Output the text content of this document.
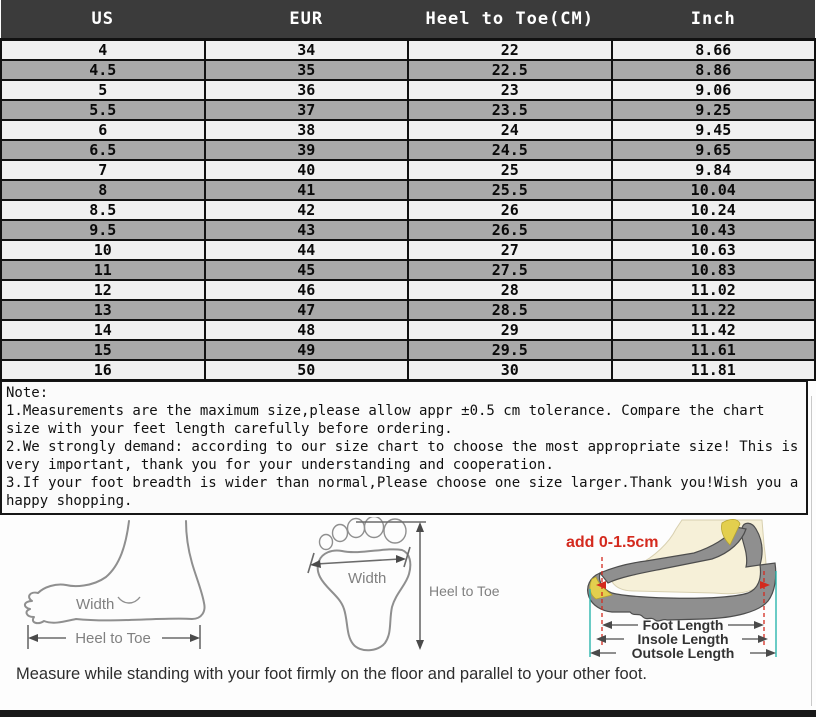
US	EUR	Heel to Toe(CM)	Inch
4	34	22	8.66
4.5	35	22.5	8.86
5	36	23	9.06
5.5	37	23.5	9.25
6	38	24	9.45
6.5	39	24.5	9.65
7	40	25	9.84
8	41	25.5	10.04
8.5	42	26	10.24
9.5	43	26.5	10.43
10	44	27	10.63
11	45	27.5	10.83
12	46	28	11.02
13	47	28.5	11.22
14	48	29	11.42
15	49	29.5	11.61
16	50	30	11.81

Note:

1.Measurements are the maximum size,please allow appr ±0.5 cm tolerance. Compare the chart size with your feet length carefully before ordering.

2.We strongly demand: according to our size chart to choose the most appropriate size! This is very important, thank you for your understanding and cooperation.

3.If your foot breadth is wider than normal,Please choose one size larger.Thank you!Wish you a happy shopping.

Width
Heel to Toe
Width
Heel to Toe
add 0-1.5cm
Foot Length
Insole Length
Outsole Length

Measure while standing with your foot firmly on the floor and parallel to your other foot.
